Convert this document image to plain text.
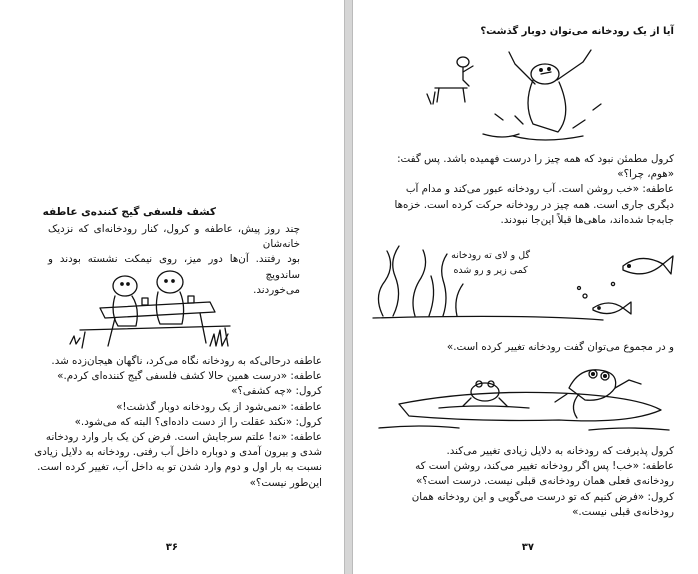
کشف فلسفی گیج کننده‌ی عاطفه

چند روز پیش، عاطفه و کرول، کنار رودخانه‌ای که نزدیک خانه‌شان

بود رفتند. آن‌ها دور میز، روی نیمکت نشسته بودند و ساندویچ

می‌خوردند.

عاطفه درحالی‌که به رودخانه نگاه می‌کرد، ناگهان هیجان‌زده شد.

عاطفه: «درست همین حالا کشف فلسفی گیج کننده‌ای کردم.»

کرول: «چه کشفی؟»

عاطفه: «نمی‌شود از یک رودخانه دوبار گذشت!»

کرول: «نکند عقلت را از دست داده‌ای؟ البته که می‌شود.»

عاطفه: «نه! علتم سرجایش است. فرض کن یک بار وارد رودخانه

شدی و بیرون آمدی و دوباره داخل آب رفتی. رودخانه به دلایل زیادی

نسبت به بار اول و دوم وارد شدن تو به داخل آب، تغییر کرده است.

این‌طور نیست؟»

۳۶
آیا از یک رودخانه می‌توان دوبار گذشت؟

کرول مطمئن نبود که همه چیز را درست فهمیده باشد. پس گفت:

«هوم، چرا؟»

عاطفه: «خب روشن است. آب رودخانه عبور می‌کند و مدام آب

دیگری جاری است. همه چیز در رودخانه حرکت کرده است. خزه‌ها

جابه‌جا شده‌اند، ماهی‌ها قبلاً این‌جا نبودند.

گل و لای ته رودخانه
کمی زیر و رو شده

و در مجموع می‌توان گفت رودخانه تغییر کرده است.»

کرول پذیرفت که رودخانه به دلایل زیادی تغییر می‌کند.

عاطفه: «خب! پس اگر رودخانه تغییر می‌کند، روشن است که

رودخانه‌ی فعلی همان رودخانه‌ی قبلی نیست. درست است؟»

کرول: «فرض کنیم که تو درست می‌گویی و این رودخانه همان

رودخانه‌ی قبلی نیست.»

۳۷
